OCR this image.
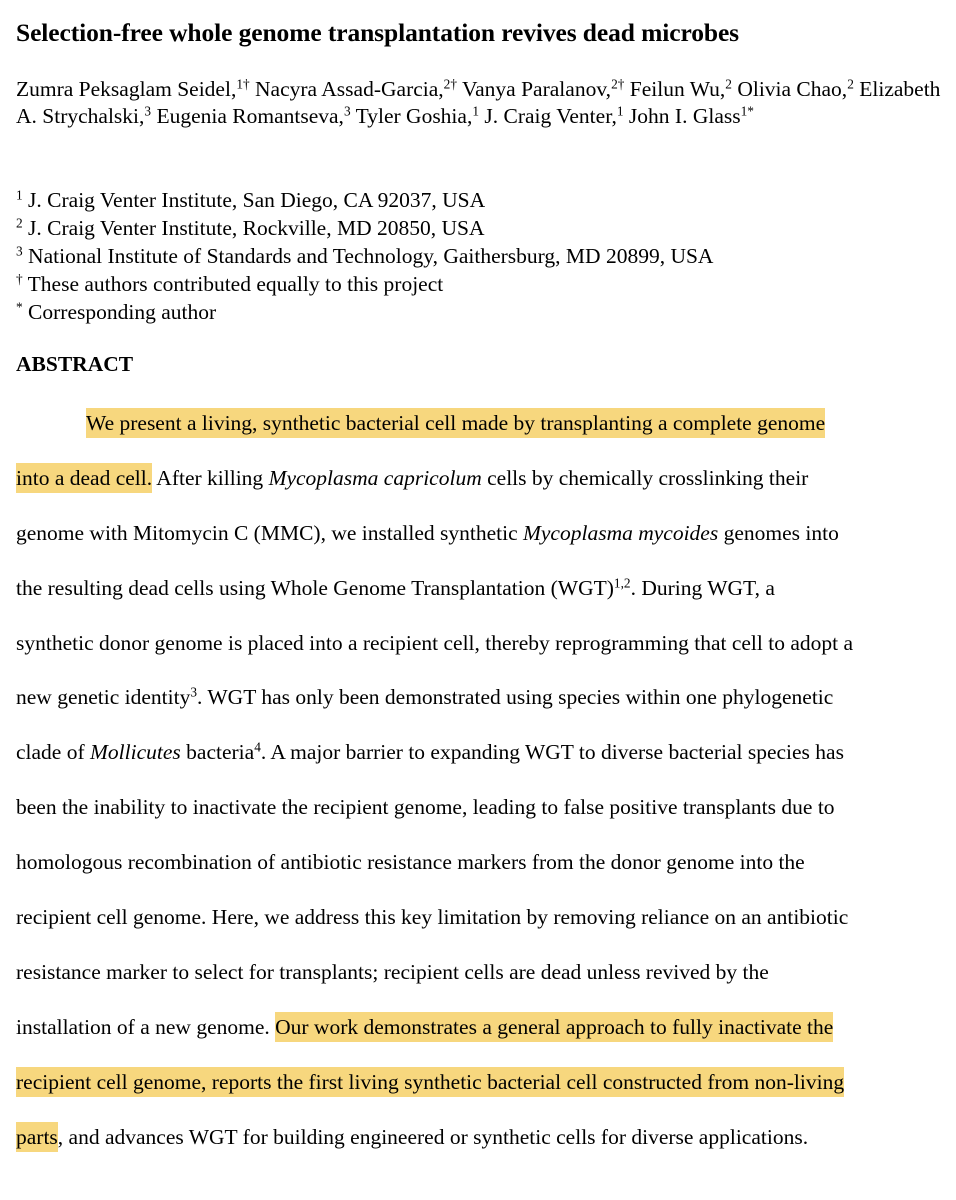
Selection-free whole genome transplantation revives dead microbes
Zumra Peksaglam Seidel,$^{1\dagger}$ Nacyra Assad-Garcia,$^{2\dagger}$ Vanya Paralanov,$^{2\dagger}$ Feilun Wu,$^2$ Olivia Chao,$^2$ Elizabeth A. Strychalski,$^3$ Eugenia Romantseva,$^3$ Tyler Goshia,$^1$ J. Craig Venter,$^1$ John I. Glass$^{1*}$
$^1$ J. Craig Venter Institute, San Diego, CA 92037, USA
$^2$ J. Craig Venter Institute, Rockville, MD 20850, USA
$^3$ National Institute of Standards and Technology, Gaithersburg, MD 20899, USA
† These authors contributed equally to this project
* Corresponding author
ABSTRACT
We present a living, synthetic bacterial cell made by transplanting a complete genome
into a dead cell. After killing Mycoplasma capricolum cells by chemically crosslinking their
genome with Mitomycin C (MMC), we installed synthetic Mycoplasma mycoides genomes into
the resulting dead cells using Whole Genome Transplantation (WGT)$^{1,2}$. During WGT, a
synthetic donor genome is placed into a recipient cell, thereby reprogramming that cell to adopt a
new genetic identity$^3$. WGT has only been demonstrated using species within one phylogenetic
clade of Mollicutes bacteria$^4$. A major barrier to expanding WGT to diverse bacterial species has
been the inability to inactivate the recipient genome, leading to false positive transplants due to
homologous recombination of antibiotic resistance markers from the donor genome into the
recipient cell genome. Here, we address this key limitation by removing reliance on an antibiotic
resistance marker to select for transplants; recipient cells are dead unless revived by the
installation of a new genome. Our work demonstrates a general approach to fully inactivate the
recipient cell genome, reports the first living synthetic bacterial cell constructed from non-living
parts, and advances WGT for building engineered or synthetic cells for diverse applications.
